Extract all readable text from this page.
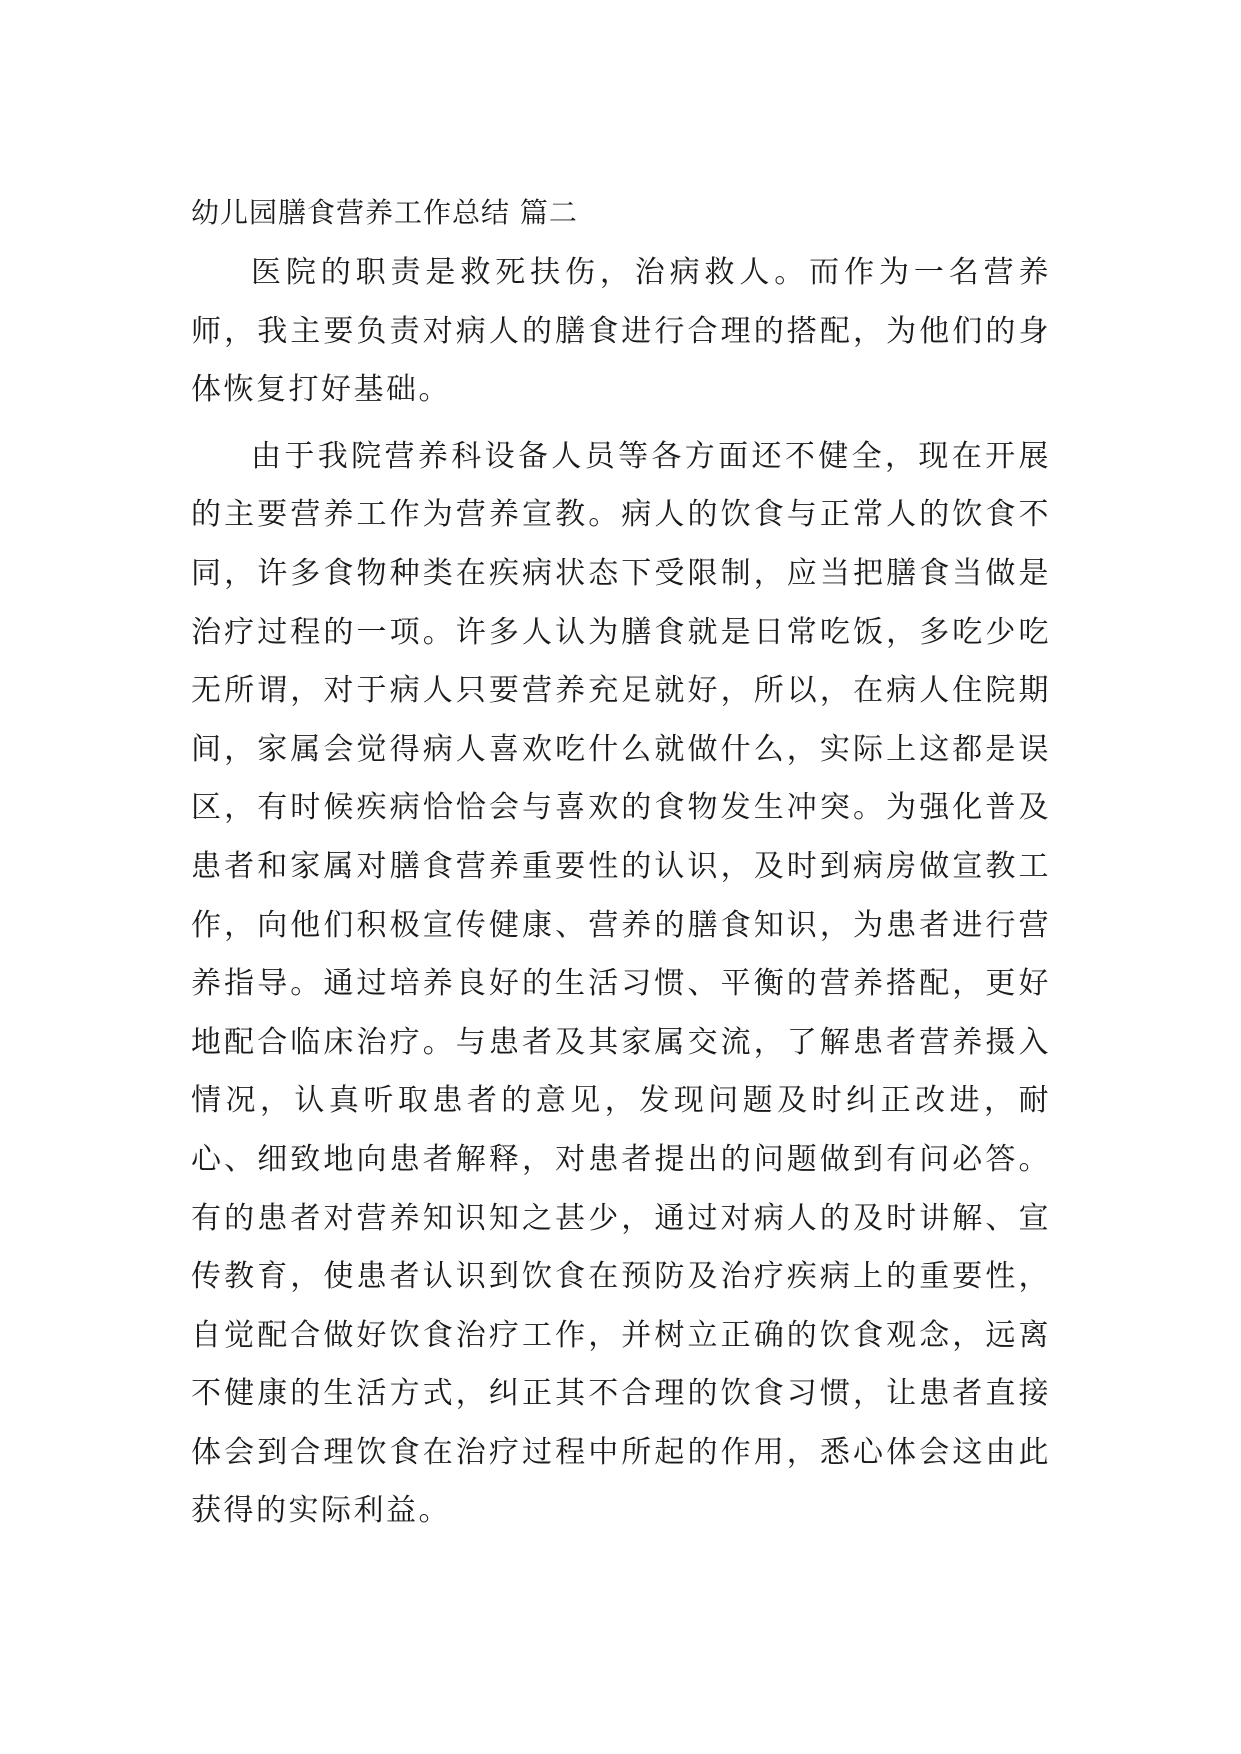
幼儿园膳食营养工作总结 篇二

医院的职责是救死扶伤，治病救人。而作为一名营养师，我主要负责对病人的膳食进行合理的搭配，为他们的身体恢复打好基础。

由于我院营养科设备人员等各方面还不健全，现在开展的主要营养工作为营养宣教。病人的饮食与正常人的饮食不同，许多食物种类在疾病状态下受限制，应当把膳食当做是治疗过程的一项。许多人认为膳食就是日常吃饭，多吃少吃无所谓，对于病人只要营养充足就好，所以，在病人住院期间，家属会觉得病人喜欢吃什么就做什么，实际上这都是误区，有时候疾病恰恰会与喜欢的食物发生冲突。为强化普及患者和家属对膳食营养重要性的认识，及时到病房做宣教工作，向他们积极宣传健康、营养的膳食知识，为患者进行营养指导。通过培养良好的生活习惯、平衡的营养搭配，更好地配合临床治疗。与患者及其家属交流，了解患者营养摄入情况，认真听取患者的意见，发现问题及时纠正改进，耐心、细致地向患者解释，对患者提出的问题做到有问必答。有的患者对营养知识知之甚少，通过对病人的及时讲解、宣传教育，使患者认识到饮食在预防及治疗疾病上的重要性，自觉配合做好饮食治疗工作，并树立正确的饮食观念，远离不健康的生活方式，纠正其不合理的饮食习惯，让患者直接体会到合理饮食在治疗过程中所起的作用，悉心体会这由此获得的实际利益。
